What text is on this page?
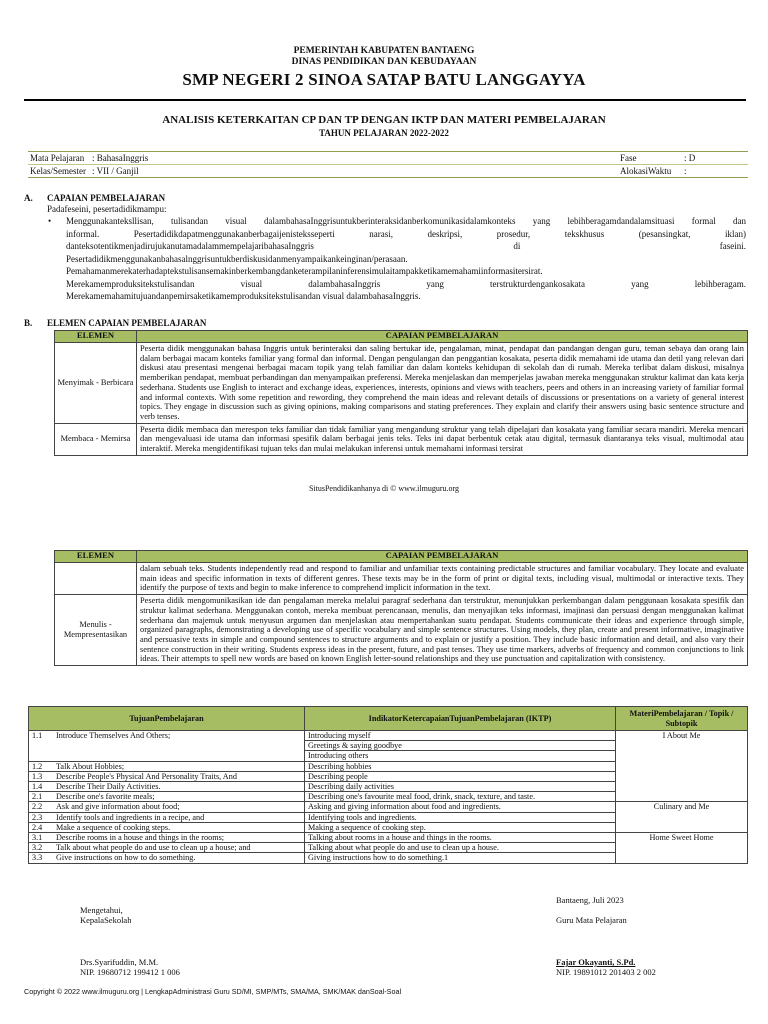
PEMERINTAH KABUPATEN BANTAENG
DINAS PENDIDIKAN DAN KEBUDAYAAN
SMP NEGERI 2 SINOA SATAP BATU LANGGAYYA
ANALISIS KETERKAITAN CP DAN TP DENGAN IKTP DAN MATERI PEMBELAJARAN
TAHUN PELAJARAN 2022-2022
Mata Pelajaran : BahasaInggris	Fase	: D
Kelas/Semester : VII / Ganjil	AlokasiWaktu	:
A. CAPAIAN PEMBELAJARAN
Padafeseini, pesertadidikmampu:
• Menggunakanteksllisan, tulisandan visual dalambahasaInggrisuntukberinteraksidanberkomunikasidalamkonteks yang lebihberagamdandalamsituasi formal dan
informal. Pesertadidikdapatmenggunakanberbagaijenisteksseperti narasi, deskripsi, prosedur, tekskhusus (pesansingkat, iklan)
danteksotentikmenjadirujukanutamadalammempelajaribahasaInggris di faseini.
Pesertadidikmenggunakanbahasalnggrisuntukberdiskusidanmenyampaikankeinginan/perasaan.
Pemahamanmerekaterhadaptekstulisansemakinberkembangdanketerampilaninferensimulaitampakketikamemahamiinformasitersirat.
Merekamemproduksitekstulisandan visual dalambahasaInggris yang terstrukturdengankosakata yang lebihberagam.
Merekamemahamitujuandanpemirsaketikamemproduksitekstulisandan visual dalambahasaInggris.
B. ELEMEN CAPAIAN PEMBELAJARAN
ELEMEN	CAPAIAN PEMBELAJARAN
Menyimak - Berbicara	Peserta didik menggunakan bahasa Inggris untuk berinteraksi dan saling bertukar ide, pengalaman, minat, pendapat dan pandangan dengan guru, teman sebaya dan orang lain dalam berbagai macam konteks familiar yang formal dan informal. Dengan pengulangan dan penggantian kosakata, peserta didik memahami ide utama dan detil yang relevan dari diskusi atau presentasi mengenai berbagai macam topik yang telah familiar dan dalam konteks kehidupan di sekolah dan di rumah. Mereka terlibat dalam diskusi, misalnya memberikan pendapat, membuat perbandingan dan menyampaikan preferensi. Mereka menjelaskan dan memperjelas jawaban mereka menggunakan struktur kalimat dan kata kerja sederhana. Students use English to interact and exchange ideas, experiences, interests, opinions and views with teachers, peers and others in an increasing variety of familiar formal and informal contexts. With some repetition and rewording, they comprehend the main ideas and relevant details of discussions or presentations on a variety of general interest topics. They engage in discussion such as giving opinions, making comparisons and stating preferences. They explain and clarify their answers using basic sentence structure and verb tenses.
Membaca - Memirsa	Peserta didik membaca dan merespon teks familiar dan tidak familiar yang mengandung struktur yang telah dipelajari dan kosakata yang familiar secara mandiri. Mereka mencari dan mengevaluasi ide utama dan informasi spesifik dalam berbagai jenis teks. Teks ini dapat berbentuk cetak atau digital, termasuk diantaranya teks visual, multimodal atau interaktif. Mereka mengidentifikasi tujuan teks dan mulai melakukan inferensi untuk memahami informasi tersirat
SitusPendidikanhanya di © www.ilmuguru.org
ELEMEN	CAPAIAN PEMBELAJARAN
	dalam sebuah teks. Students independently read and respond to familiar and unfamiliar texts containing predictable structures and familiar vocabulary. They locate and evaluate main ideas and specific information in texts of different genres. These texts may be in the form of print or digital texts, including visual, multimodal or interactive texts. They identify the purpose of texts and begin to make inference to comprehend implicit information in the text.
Menulis - Mempresentasikan	Peserta didik mengomunikasikan ide dan pengalaman mereka melalui paragraf sederhana dan terstruktur, menunjukkan perkembangan dalam penggunaan kosakata spesifik dan struktur kalimat sederhana. Menggunakan contoh, mereka membuat perencanaan, menulis, dan menyajikan teks informasi, imajinasi dan persuasi dengan menggunakan kalimat sederhana dan majemuk untuk menyusun argumen dan menjelaskan atau mempertahankan suatu pendapat. Students communicate their ideas and experience through simple, organized paragraphs, demonstrating a developing use of specific vocabulary and simple sentence structures. Using models, they plan, create and present informative, imaginative and persuasive texts in simple and compound sentences to structure arguments and to explain or justify a position. They include basic information and detail, and also vary their sentence construction in their writing. Students express ideas in the present, future, and past tenses. They use time markers, adverbs of frequency and common conjunctions to link ideas. Their attempts to spell new words are based on known English letter-sound relationships and they use punctuation and capitalization with consistency.
TujuanPembelajaran	IndikatorKetercapaianTujuanPembelajaran (IKTP)	MateriPembelajaran / Topik / Subtopik
1.1 Introduce Themselves And Others;	Introducing myself	I About Me
	Greetings & saying goodbye	
	Introducing others	
1.2 Talk About Hobbies;	Describing hobbies	
1.3 Describe People's Physical And Personality Traits, And	Describing people	
1.4 Describe Their Daily Activities.	Describing daily activities	
2.1 Describe one's favorite meals;	Describing one's favourite meal food, drink, snack, texture, and taste.	
2.2 Ask and give information about food;	Asking and giving information about food and ingredients.	Culinary and Me
2.3 Identify tools and ingredients in a recipe, and	Identifying tools and ingredients.	
2.4 Make a sequence of cooking steps.	Making a sequence of cooking step.	
3.1 Describe rooms in a house and things in the rooms;	Talking about rooms in a house and things in the rooms.	Home Sweet Home
3.2 Talk about what people do and use to clean up a house; and	Talking about what people do and use to clean up a house.	
3.3 Give instructions on how to do something.	Giving instructions how to do something.1	
Bantaeng, Juli 2023
Mengetahui,
KepalaSekolah	Guru Mata Pelajaran
Drs.Syarifuddin, M.M.
NIP. 19680712 199412 1 006
Fajar Okayanti, S.Pd.
NIP. 19891012 201403 2 002
Copyright © 2022 www.ilmuguru.org | LengkapAdministrasi Guru SD/MI, SMP/MTs, SMA/MA, SMK/MAK danSoal-Soal
